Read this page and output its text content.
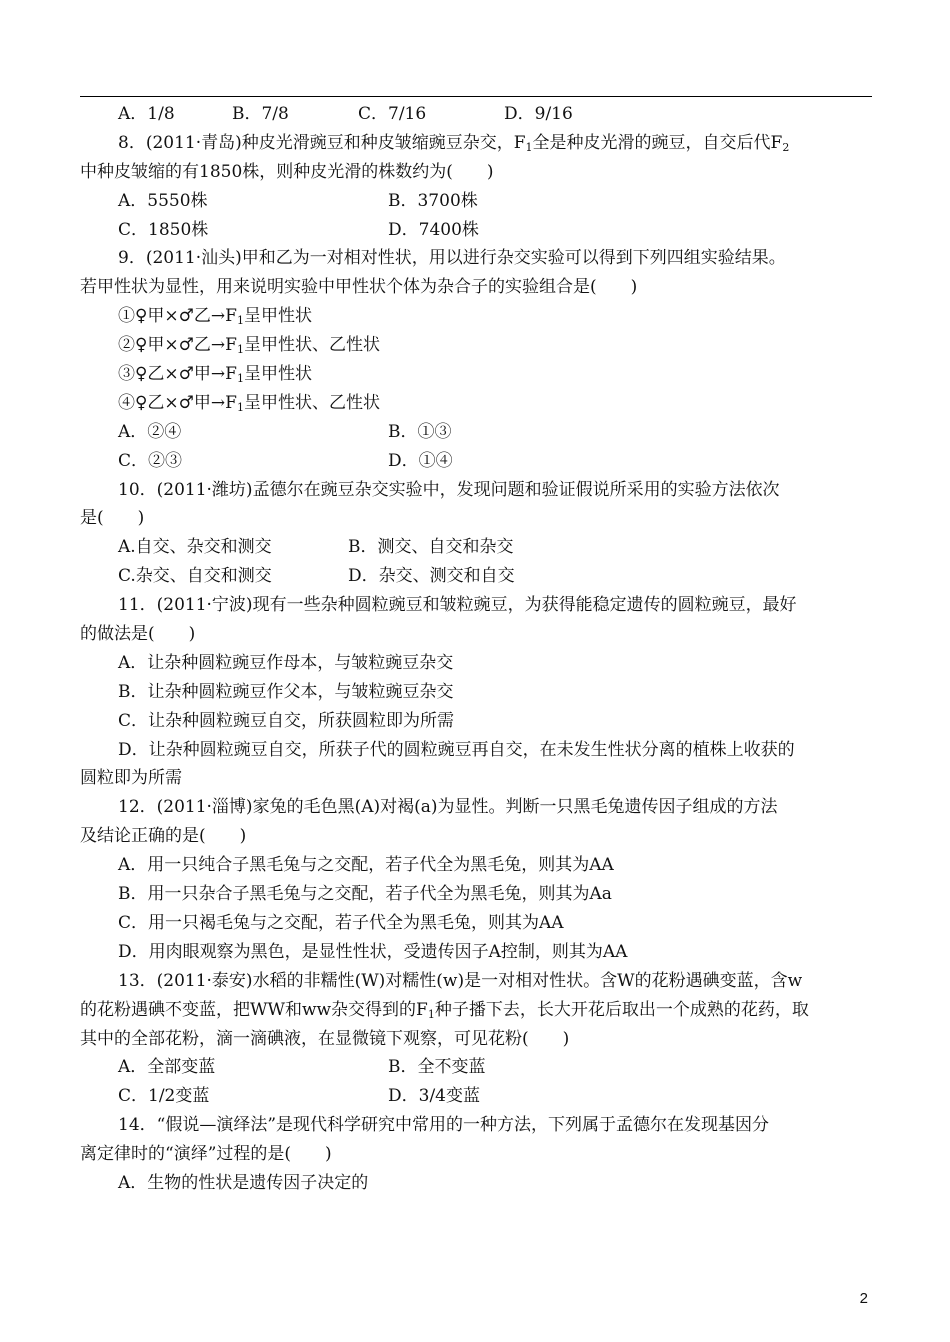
A．1/8	B．7/8	C．7/16	D．9/16
8．(2011·青岛)种皮光滑豌豆和种皮皱缩豌豆杂交，$F_1$全是种皮光滑的豌豆，自交后代$F_2$
中种皮皱缩的有1850株，则种皮光滑的株数约为(　　)
A．5550株	B．3700株
C．1850株	D．7400株
9．(2011·汕头)甲和乙为一对相对性状，用以进行杂交实验可以得到下列四组实验结果。
若甲性状为显性，用来说明实验中甲性状个体为杂合子的实验组合是(　　)
①♀甲×♂乙$\to F_1$呈甲性状
②♀甲×♂乙$\to F_1$呈甲性状、乙性状
③♀乙×♂甲$\to F_1$呈甲性状
④♀乙×♂甲$\to F_1$呈甲性状、乙性状
A．②④	B．①③
C．②③	D．①④
10．(2011·潍坊)孟德尔在豌豆杂交实验中，发现问题和验证假说所采用的实验方法依次
是(　　)
A.自交、杂交和测交	B．测交、自交和杂交
C.杂交、自交和测交	D．杂交、测交和自交
11．(2011·宁波)现有一些杂种圆粒豌豆和皱粒豌豆，为获得能稳定遗传的圆粒豌豆，最好
的做法是(　　)
A．让杂种圆粒豌豆作母本，与皱粒豌豆杂交
B．让杂种圆粒豌豆作父本，与皱粒豌豆杂交
C．让杂种圆粒豌豆自交，所获圆粒即为所需
D．让杂种圆粒豌豆自交，所获子代的圆粒豌豆再自交，在未发生性状分离的植株上收获的
圆粒即为所需
12．(2011·淄博)家兔的毛色黑(A)对褐(a)为显性。判断一只黑毛兔遗传因子组成的方法
及结论正确的是(　　)
A．用一只纯合子黑毛兔与之交配，若子代全为黑毛兔，则其为AA
B．用一只杂合子黑毛兔与之交配，若子代全为黑毛兔，则其为Aa
C．用一只褐毛兔与之交配，若子代全为黑毛兔，则其为AA
D．用肉眼观察为黑色，是显性性状，受遗传因子A控制，则其为AA
13．(2011·泰安)水稻的非糯性(W)对糯性(w)是一对相对性状。含W的花粉遇碘变蓝，含w
的花粉遇碘不变蓝，把WW和ww杂交得到的$F_1$种子播下去，长大开花后取出一个成熟的花药，取
其中的全部花粉，滴一滴碘液，在显微镜下观察，可见花粉(　　)
A．全部变蓝	B．全不变蓝
C．1/2变蓝	D．3/4变蓝
14．“假说—演绎法”是现代科学研究中常用的一种方法，下列属于孟德尔在发现基因分
离定律时的“演绎”过程的是(　　)
A．生物的性状是遗传因子决定的
2
